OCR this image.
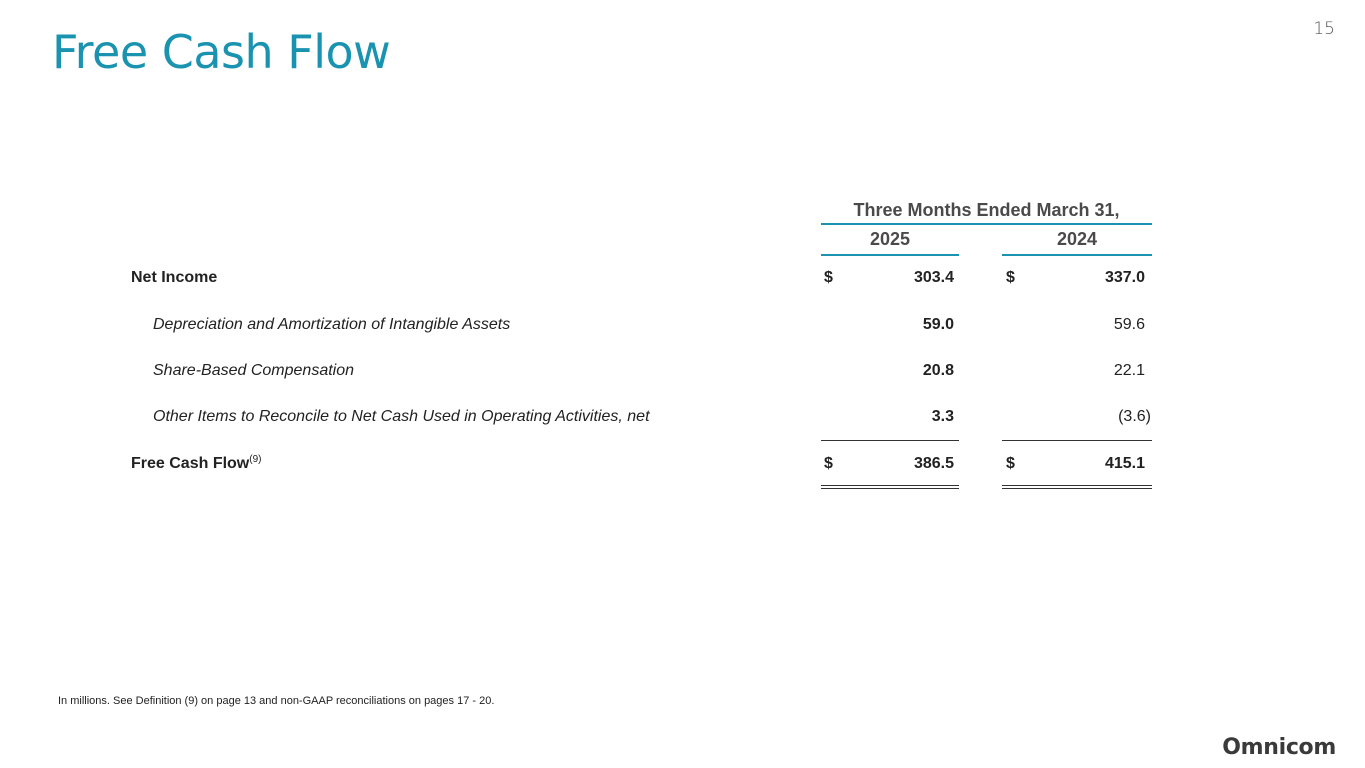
15
Free Cash Flow
Three Months Ended March 31,
2025	2024
Net Income	$	303.4	$	337.0
Depreciation and Amortization of Intangible Assets	59.0	59.6
Share-Based Compensation	20.8	22.1
Other Items to Reconcile to Net Cash Used in Operating Activities, net	3.3	(3.6)
Free Cash Flow$^{(9)}$	$	386.5	$	415.1
In millions. See Definition (9) on page 13 and non-GAAP reconciliations on pages 17 - 20.
Omnicom
